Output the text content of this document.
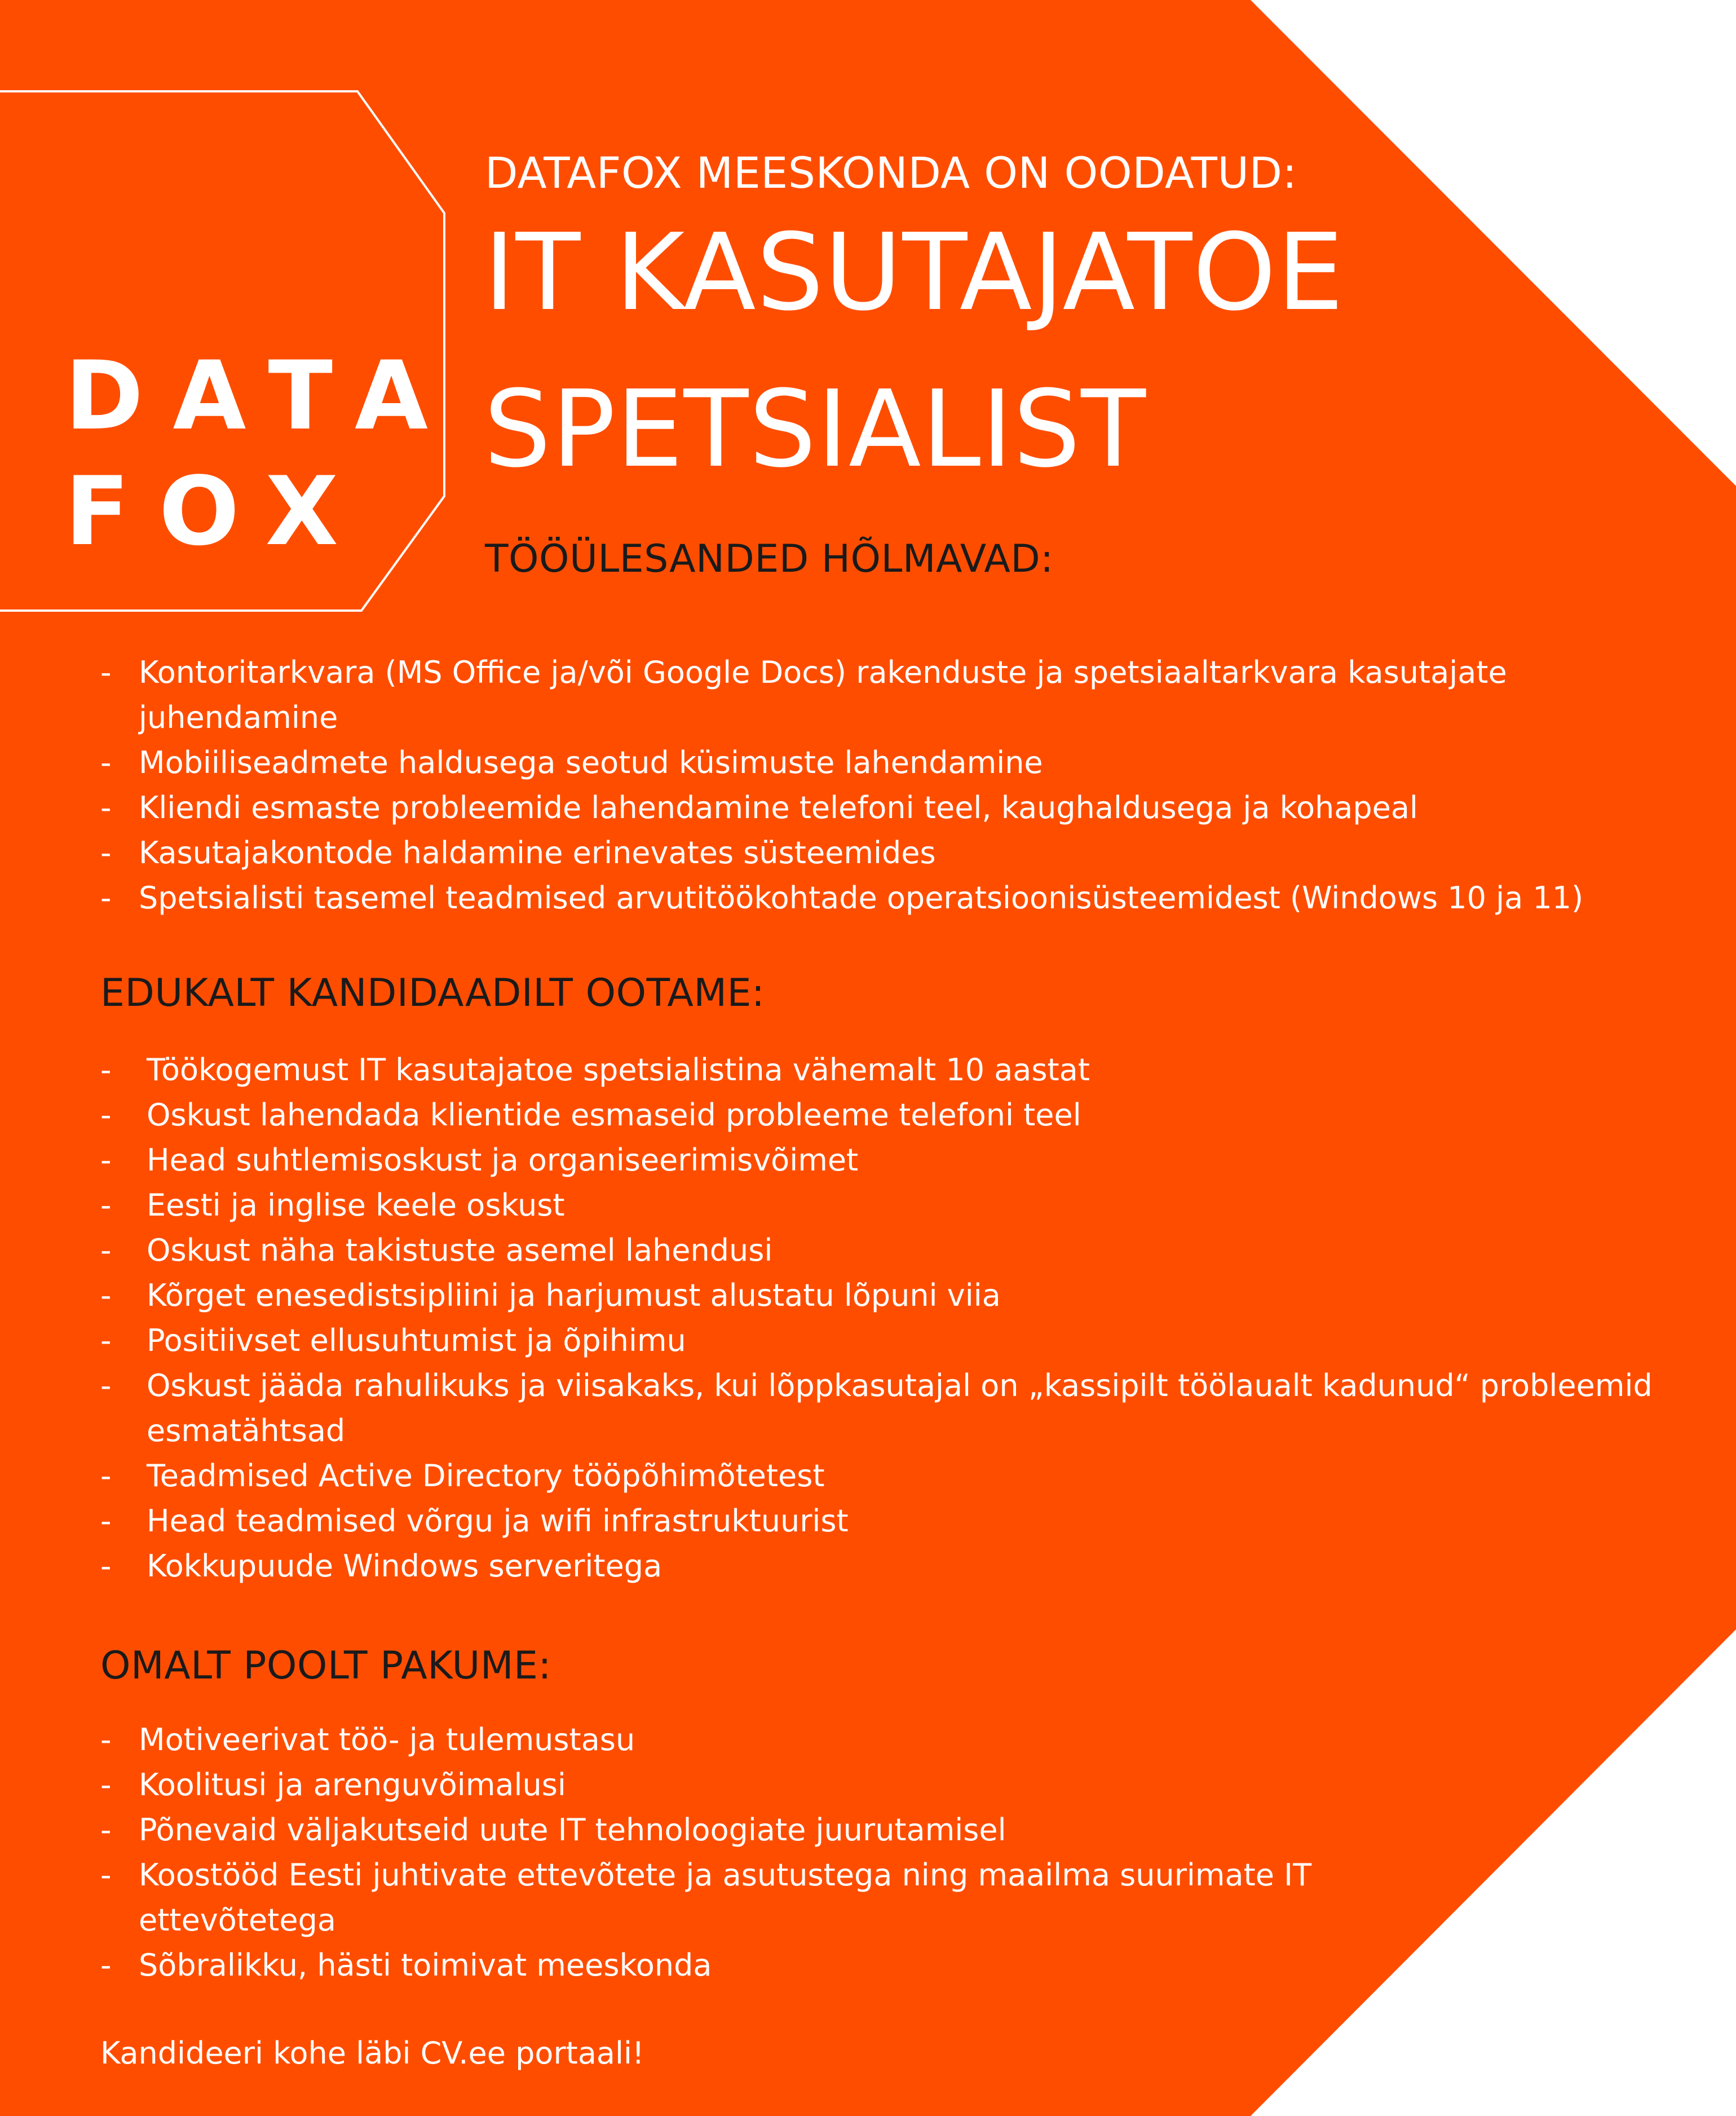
DATA
FOX
DATAFOX MEESKONDA ON OODATUD:
IT KASUTAJATOE
SPETSIALIST
TÖÖÜLESANDED HÕLMAVAD:
- Kontoritarkvara (MS Office ja/või Google Docs) rakenduste ja spetsiaaltarkvara kasutajate juhendamine
- Mobiiliseadmete haldusega seotud küsimuste lahendamine
- Kliendi esmaste probleemide lahendamine telefoni teel, kaughaldusega ja kohapeal
- Kasutajakontode haldamine erinevates süsteemides
- Spetsialisti tasemel teadmised arvutitöökohtade operatsioonisüsteemidest (Windows 10 ja 11)
EDUKALT KANDIDAADILT OOTAME:
- Töökogemust IT kasutajatoe spetsialistina vähemalt 10 aastat
- Oskust lahendada klientide esmaseid probleeme telefoni teel
- Head suhtlemisoskust ja organiseerimisvõimet
- Eesti ja inglise keele oskust
- Oskust näha takistuste asemel lahendusi
- Kõrget enesedistsipliini ja harjumust alustatu lõpuni viia
- Positiivset ellusuhtumist ja õpihimu
- Oskust jääda rahulikuks ja viisakaks, kui lõppkasutajal on „kassipilt töölaualt kadunud“ probleemid esmatähtsad
- Teadmised Active Directory tööpõhimõtetest
- Head teadmised võrgu ja wifi infrastruktuurist
- Kokkupuude Windows serveritega
OMALT POOLT PAKUME:
- Motiveerivat töö- ja tulemustasu
- Koolitusi ja arenguvõimalusi
- Põnevaid väljakutseid uute IT tehnoloogiate juurutamisel
- Koostööd Eesti juhtivate ettevõtete ja asutustega ning maailma suurimate IT ettevõtetega
- Sõbralikku, hästi toimivat meeskonda
Kandideeri kohe läbi CV.ee portaali!
